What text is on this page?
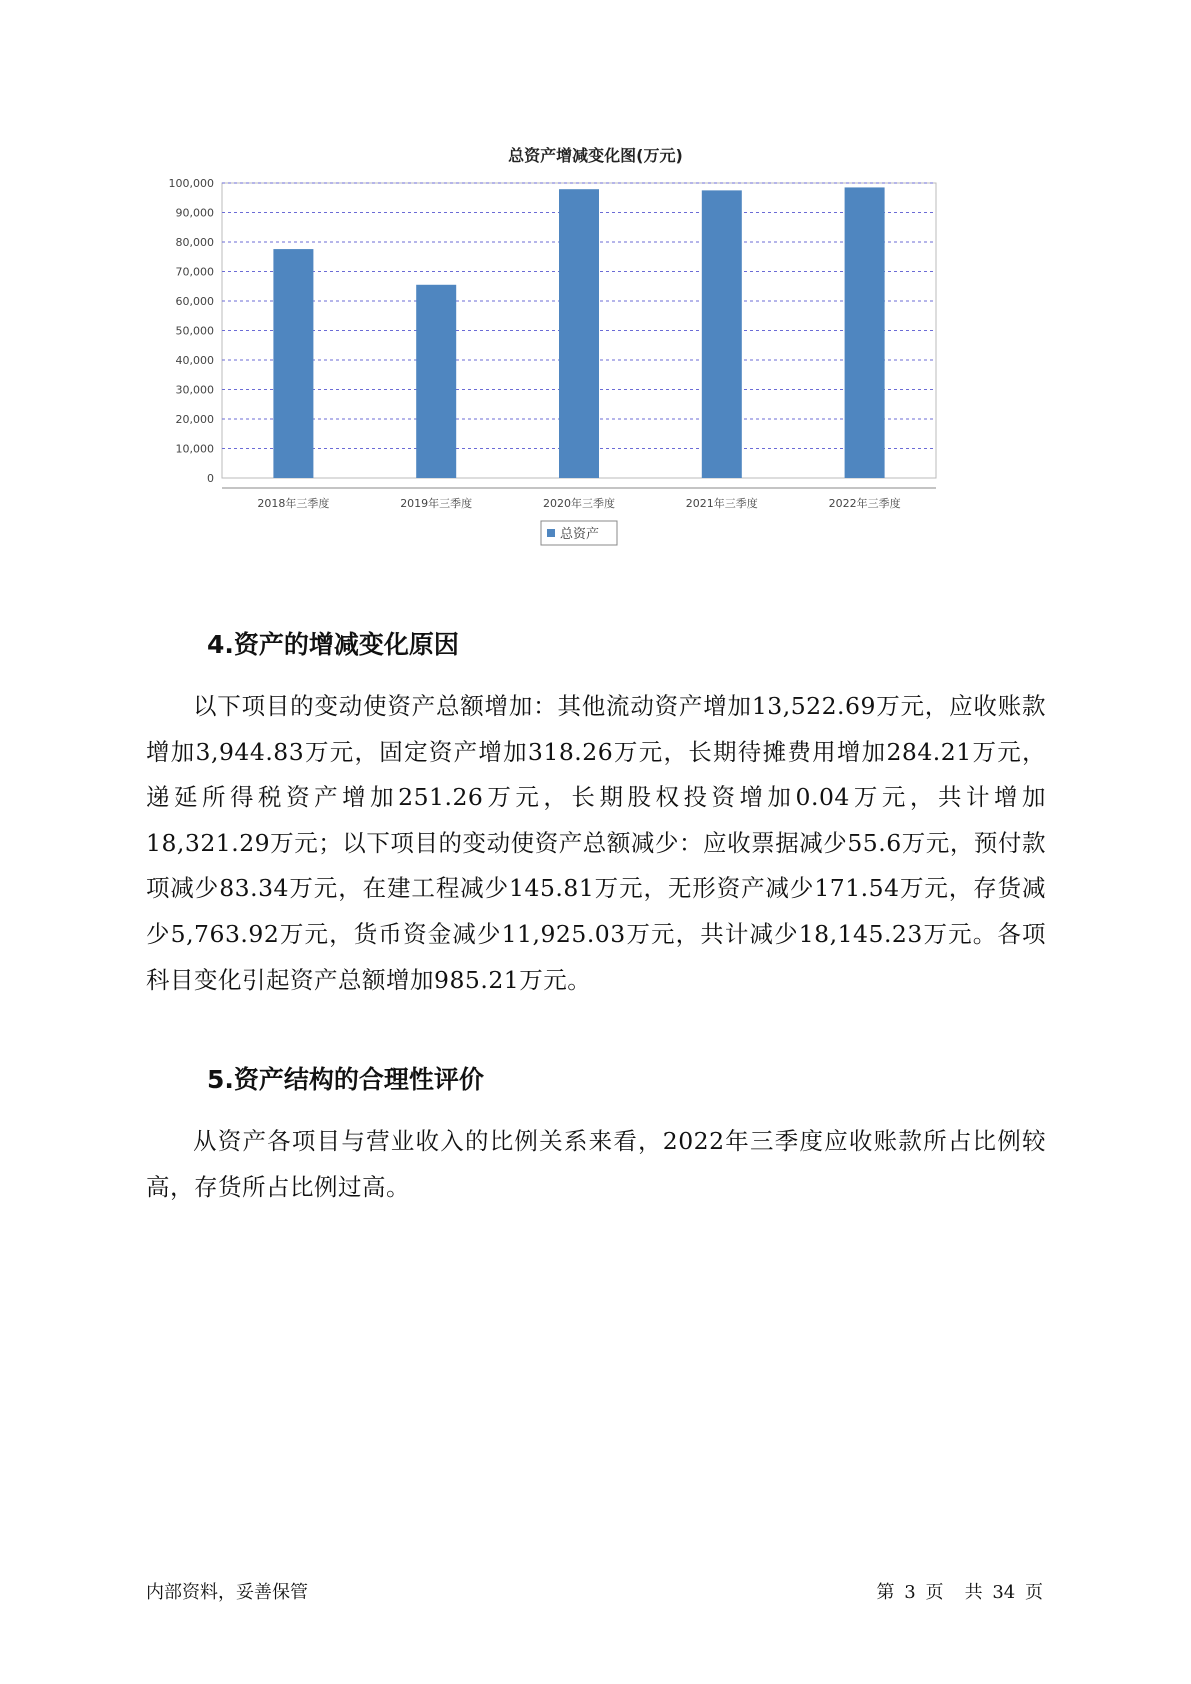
总资产增减变化图(万元)
0
10,000
20,000
30,000
40,000
50,000
60,000
70,000
80,000
90,000
100,000
2018年三季度	2019年三季度	2020年三季度	2021年三季度	2022年三季度
总资产
4.资产的增减变化原因

以下项目的变动使资产总额增加：其他流动资产增加13,522.69万元，应收账款增加3,944.83万元，固定资产增加318.26万元，长期待摊费用增加284.21万元，递延所得税资产增加251.26万元，长期股权投资增加0.04万元，共计增加18,321.29万元；以下项目的变动使资产总额减少：应收票据减少55.6万元，预付款项减少83.34万元，在建工程减少145.81万元，无形资产减少171.54万元，存货减少5,763.92万元，货币资金减少11,925.03万元，共计减少18,145.23万元。各项科目变化引起资产总额增加985.21万元。

5.资产结构的合理性评价

从资产各项目与营业收入的比例关系来看，2022年三季度应收账款所占比例较高，存货所占比例过高。

内部资料，妥善保管	第 3 页 共 34 页
